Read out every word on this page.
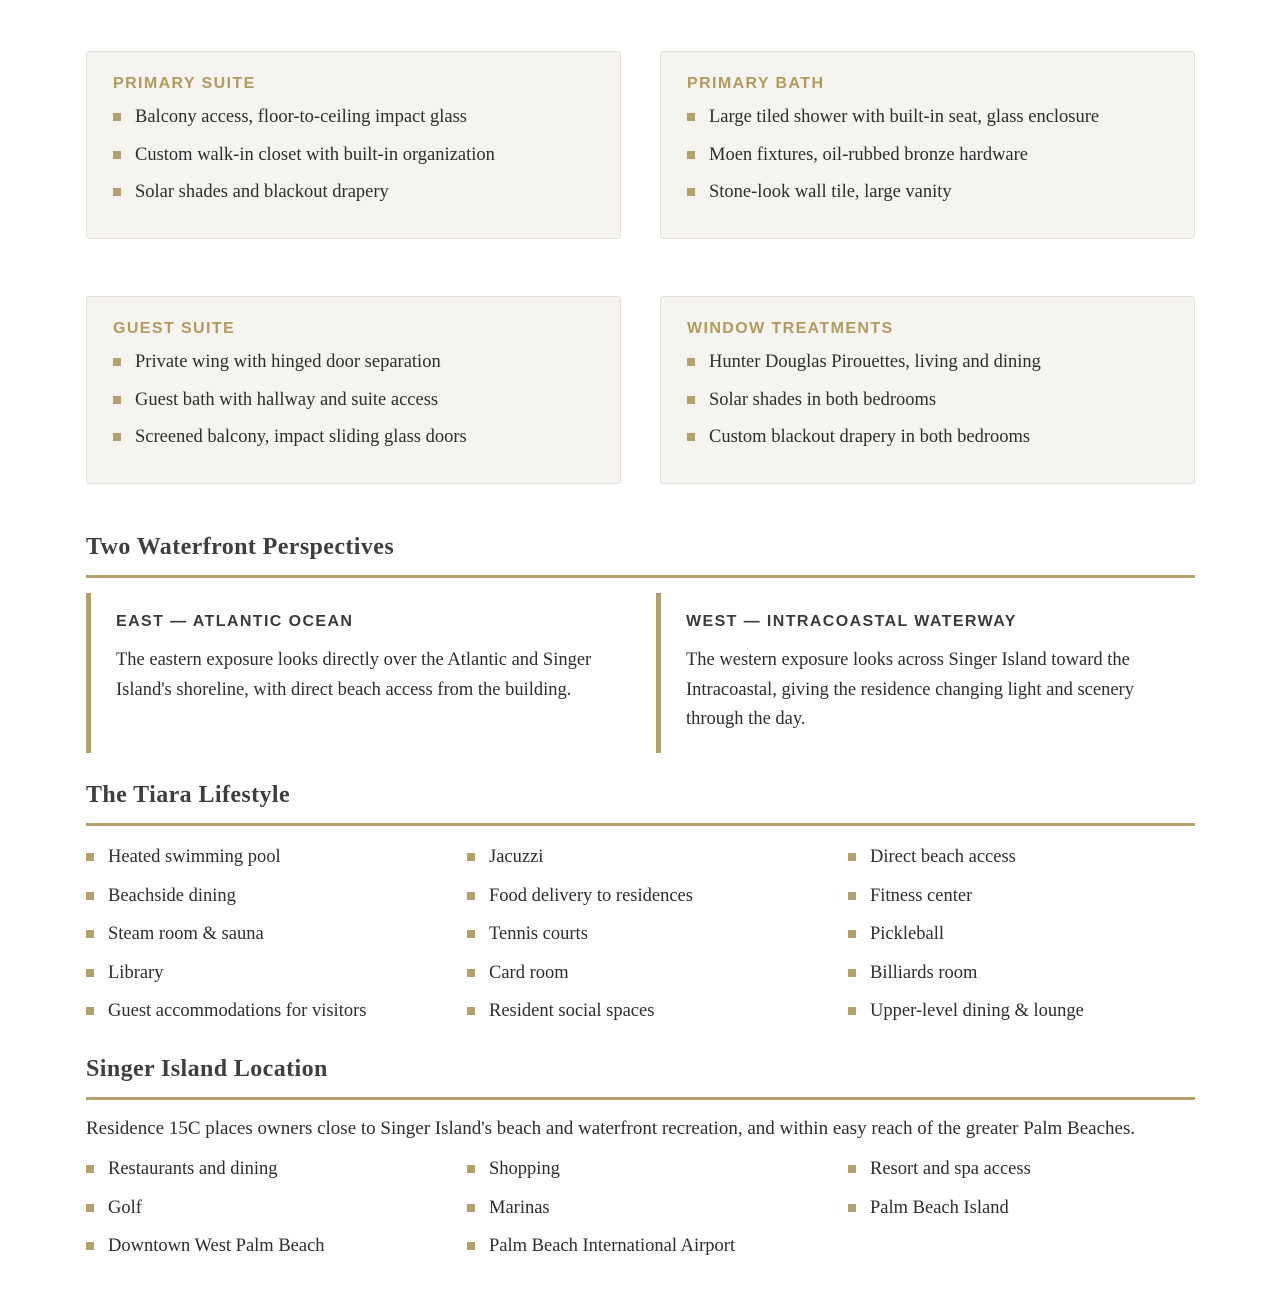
PRIMARY SUITE
Balcony access, floor-to-ceiling impact glass
Custom walk-in closet with built-in organization
Solar shades and blackout drapery
PRIMARY BATH
Large tiled shower with built-in seat, glass enclosure
Moen fixtures, oil-rubbed bronze hardware
Stone-look wall tile, large vanity
GUEST SUITE
Private wing with hinged door separation
Guest bath with hallway and suite access
Screened balcony, impact sliding glass doors
WINDOW TREATMENTS
Hunter Douglas Pirouettes, living and dining
Solar shades in both bedrooms
Custom blackout drapery in both bedrooms
Two Waterfront Perspectives
EAST — ATLANTIC OCEAN

The eastern exposure looks directly over the Atlantic and Singer Island's shoreline, with direct beach access from the building.

WEST — INTRACOASTAL WATERWAY

The western exposure looks across Singer Island toward the Intracoastal, giving the residence changing light and scenery through the day.

The Tiara Lifestyle
Heated swimming pool
Beachside dining
Steam room & sauna
Library
Guest accommodations for visitors
Jacuzzi
Food delivery to residences
Tennis courts
Card room
Resident social spaces
Direct beach access
Fitness center
Pickleball
Billiards room
Upper-level dining & lounge
Singer Island Location

Residence 15C places owners close to Singer Island's beach and waterfront recreation, and within easy reach of the greater Palm Beaches.

Restaurants and dining
Golf
Downtown West Palm Beach
Shopping
Marinas
Palm Beach International Airport
Resort and spa access
Palm Beach Island
